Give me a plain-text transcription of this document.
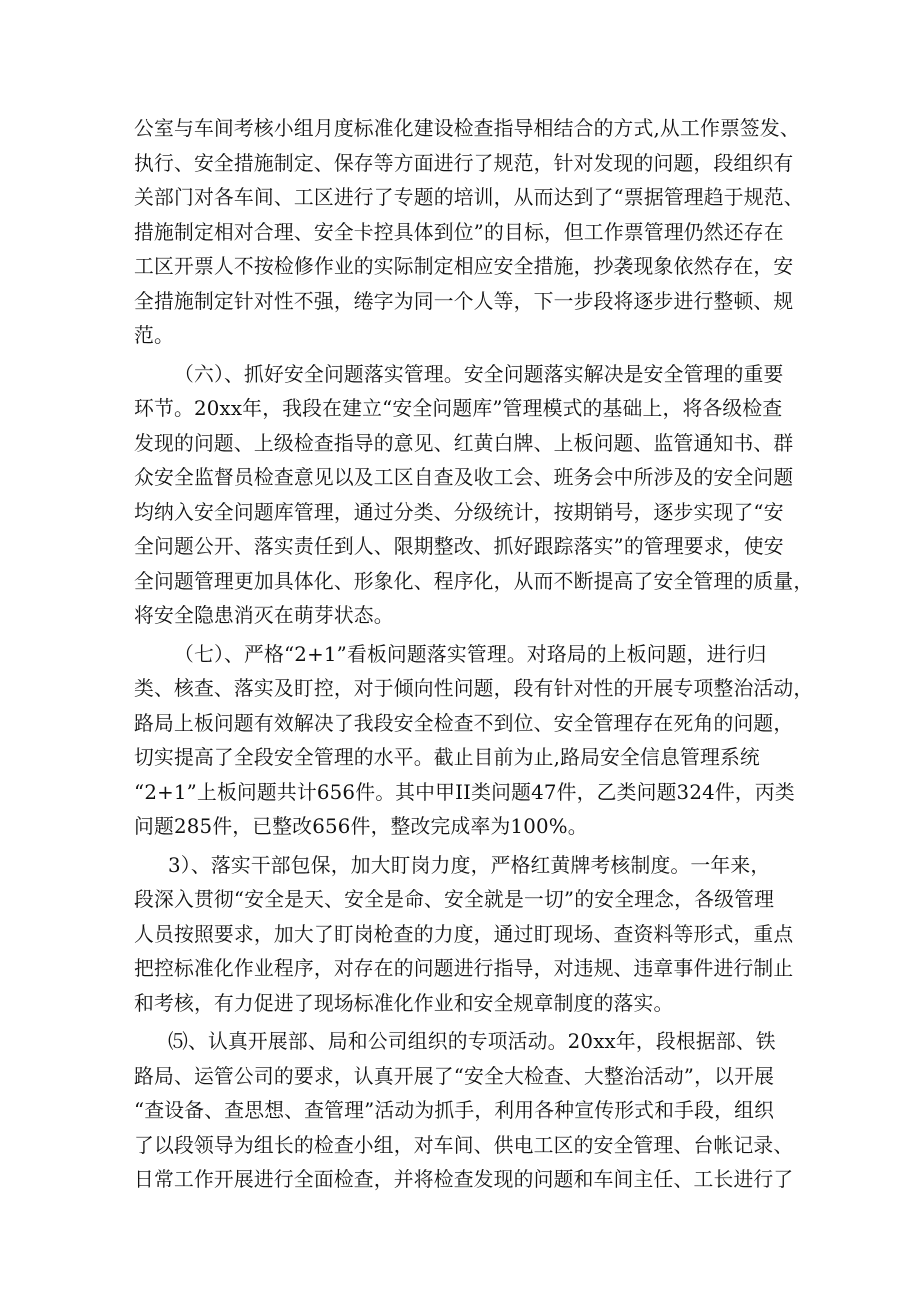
公室与车间考核小组月度标准化建设检查指导相结合的方式,从工作票签发、
执行、安全措施制定、保存等方面进行了规范，针对发现的问题，段组织有
关部门对各车间、工区进行了专题的培训，从而达到了“票据管理趋于规范、
措施制定相对合理、安全卡控具体到位”的目标，但工作票管理仍然还存在
工区开票人不按检修作业的实际制定相应安全措施，抄袭现象依然存在，安
全措施制定针对性不强，绻字为同一个人等，下一步段将逐步进行整顿、规
范。

（六）、抓好安全问题落实管理。安全问题落实解决是安全管理的重要
环节。20xx年，我段在建立“安全问题库”管理模式的基础上，将各级检查
发现的问题、上级检查指导的意见、红黄白牌、上板问题、监管通知书、群
众安全监督员检查意见以及工区自查及收工会、班务会中所涉及的安全问题
均纳入安全问题库管理，通过分类、分级统计，按期销号，逐步实现了“安
全问题公开、落实责任到人、限期整改、抓好跟踪落实”的管理要求，使安
全问题管理更加具体化、形象化、程序化，从而不断提高了安全管理的质量，
将安全隐患消灭在萌芽状态。

（七）、严格“2+1”看板问题落实管理。对珞局的上板问题，进行归
类、核查、落实及盯控，对于倾向性问题，段有针对性的开展专项整治活动，
路局上板问题有效解决了我段安全检查不到位、安全管理存在死角的问题，
切实提高了全段安全管理的水平。截止目前为止,路局安全信息管理系统
“2+1”上板问题共计656件。其中甲II类问题47件，乙类问题324件，丙类
问题285件，已整改656件，整改完成率为100%。

3）、落实干部包保，加大盯岗力度，严格红黄牌考核制度。一年来，
段深入贯彻“安全是天、安全是命、安全就是一切”的安全理念，各级管理
人员按照要求，加大了盯岗枪查的力度，通过盯现场、查资料等形式，重点
把控标准化作业程序，对存在的问题进行指导，对违规、违章事件进行制止
和考核，有力促进了现场标准化作业和安全规章制度的落实。

⑸、认真开展部、局和公司组织的专项活动。20xx年，段根据部、铁
路局、运管公司的要求，认真开展了“安全大检查、大整治活动”，以开展
“查设备、查思想、查管理”活动为抓手，利用各种宣传形式和手段，组织
了以段领导为组长的检查小组，对车间、供电工区的安全管理、台帐记录、
日常工作开展进行全面检查，并将检查发现的问题和车间主任、工长进行了
